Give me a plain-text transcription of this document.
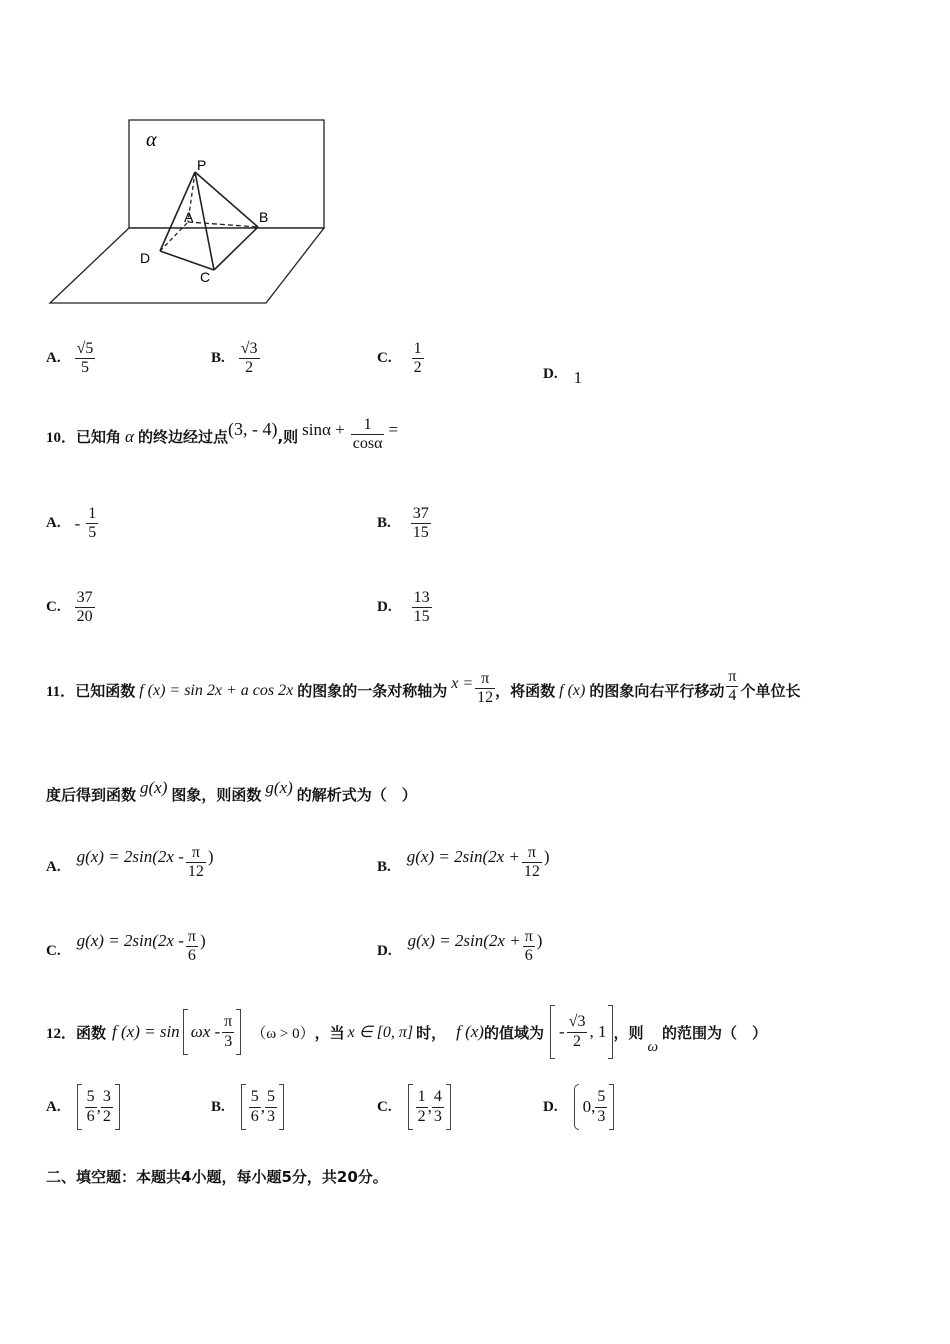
α
P
A	B
D
C
A. $\frac{√5}{5}$	B. $\frac{√3}{2}$	C. $\frac{1}{2}$	D. 1
10． 已知角 α 的终边经过点 (3, - 4) ,则 $\sin\alpha + \frac{1}{\cos\alpha}$ =
A. - $\frac{1}{5}$	B. $\frac{37}{15}$
C. $\frac{37}{20}$	D. $\frac{13}{15}$
11． 已知函数 f (x) = sin 2x + a cos 2x 的图象的一条对称轴为 $x = \frac{\pi}{12}$ ，将函数 f (x) 的图象向右平行移动 $\frac{\pi}{4}$ 个单位长
度后得到函数 g(x) 图象，则函数 g(x) 的解析式为（　）
A.
$g(x) = 2\sin(2x - \frac{\pi}{12}$ )
B.
$g(x) = 2\sin(2x + \frac{\pi}{12}$ )
C.
$g(x) = 2\sin(2x - \frac{\pi}{6}$ )
D.
$g(x) = 2\sin(2x + \frac{\pi}{6}$ )
12． 函数 f $(x) = \sin \omega x - \frac{\pi}{3} (\omega > 0)$ ，当 x ∈ [0, π] 时， f (x) 的值域为 - $\frac{√3}{2}$ , 1 ，则
ω
的范围为（　）
A. $\frac{5}{6}$ , $\frac{3}{2}$	B. $\frac{5}{6}$ , $\frac{5}{3}$	C. $\frac{1}{2}$ , $\frac{4}{3}$	D. 0, $\frac{5}{3}$
二、填空题：本题共4小题，每小题5分，共20分。
